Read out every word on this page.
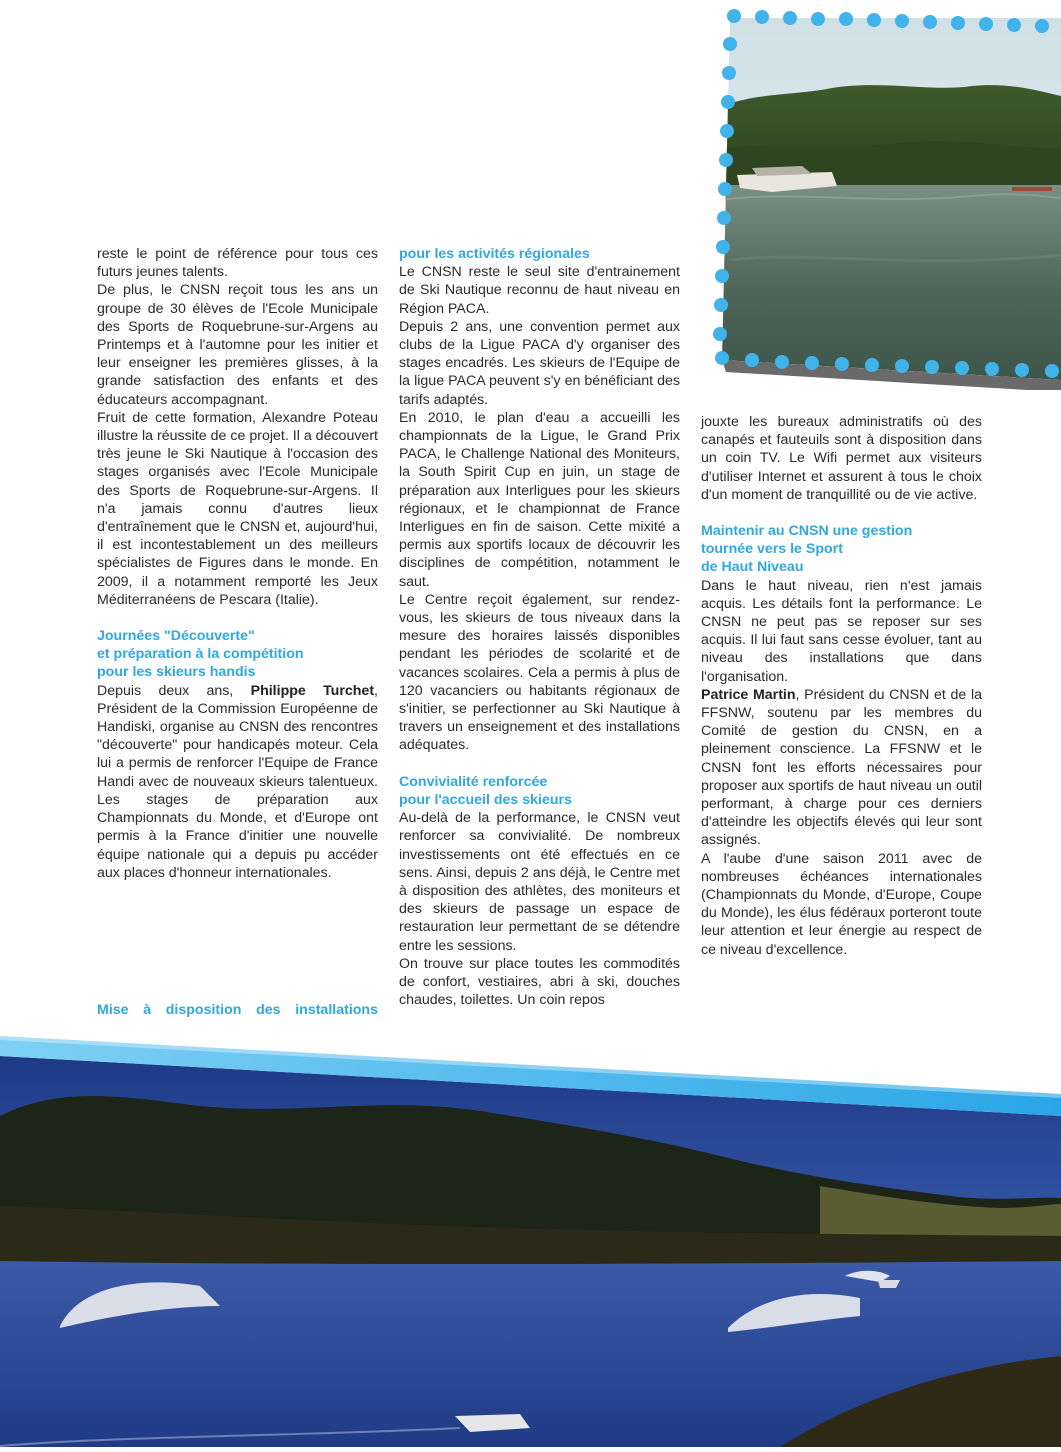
reste le point de référence pour tous ces futurs jeunes talents.

De plus, le CNSN reçoit tous les ans un groupe de 30 élèves de l'Ecole Municipale des Sports de Roquebrune-sur-Argens au Printemps et à l'automne pour les initier et leur enseigner les premières glisses, à la grande satisfaction des enfants et des éducateurs accompagnant.

Fruit de cette formation, Alexandre Poteau illustre la réussite de ce projet. Il a découvert très jeune le Ski Nautique à l'occasion des stages organisés avec l'Ecole Municipale des Sports de Roquebrune-sur-Argens. Il n'a jamais connu d'autres lieux d'entraînement que le CNSN et, aujourd'hui, il est incontestablement un des meilleurs spécialistes de Figures dans le monde. En 2009, il a notamment remporté les Jeux Méditerranéens de Pescara (Italie).

Journées "Découverte"
et préparation à la compétition
pour les skieurs handis

Depuis deux ans, Philippe Turchet, Président de la Commission Européenne de Handiski, organise au CNSN des rencontres "découverte" pour handicapés moteur. Cela lui a permis de renforcer l'Equipe de France Handi avec de nouveaux skieurs talentueux. Les stages de préparation aux Championnats du Monde, et d'Europe ont permis à la France d'initier une nouvelle équipe nationale qui a depuis pu accéder aux places d'honneur internationales.

Mise à disposition des installations
pour les activités régionales

Le CNSN reste le seul site d'entrainement de Ski Nautique reconnu de haut niveau en Région PACA.

Depuis 2 ans, une convention permet aux clubs de la Ligue PACA d'y organiser des stages encadrés. Les skieurs de l'Equipe de la ligue PACA peuvent s'y en bénéficiant des tarifs adaptés.

En 2010, le plan d'eau a accueilli les championnats de la Ligue, le Grand Prix PACA, le Challenge National des Moniteurs, la South Spirit Cup en juin, un stage de préparation aux Interligues pour les skieurs régionaux, et le championnat de France Interligues en fin de saison. Cette mixité a permis aux sportifs locaux de découvrir les disciplines de compétition, notamment le saut.

Le Centre reçoit également, sur rendez-vous, les skieurs de tous niveaux dans la mesure des horaires laissés disponibles pendant les périodes de scolarité et de vacances scolaires. Cela a permis à plus de 120 vacanciers ou habitants régionaux de s'initier, se perfectionner au Ski Nautique à travers un enseignement et des installations adéquates.

Convivialité renforcée
pour l'accueil des skieurs

Au-delà de la performance, le CNSN veut renforcer sa convivialité. De nombreux investissements ont été effectués en ce sens. Ainsi, depuis 2 ans déjà, le Centre met à disposition des athlètes, des moniteurs et des skieurs de passage un espace de restauration leur permettant de se détendre entre les sessions.

On trouve sur place toutes les commodités de confort, vestiaires, abri à ski, douches chaudes, toilettes. Un coin repos

jouxte les bureaux administratifs où des canapés et fauteuils sont à disposition dans un coin TV. Le Wifi permet aux visiteurs d'utiliser Internet et assurent à tous le choix d'un moment de tranquillité ou de vie active.

Maintenir au CNSN une gestion
tournée vers le Sport
de Haut Niveau

Dans le haut niveau, rien n'est jamais acquis. Les détails font la performance. Le CNSN ne peut pas se reposer sur ses acquis. Il lui faut sans cesse évoluer, tant au niveau des installations que dans l'organisation.

Patrice Martin, Président du CNSN et de la FFSNW, soutenu par les membres du Comité de gestion du CNSN, en a pleinement conscience. La FFSNW et le CNSN font les efforts nécessaires pour proposer aux sportifs de haut niveau un outil performant, à charge pour ces derniers d'atteindre les objectifs élevés qui leur sont assignés.

A l'aube d'une saison 2011 avec de nombreuses échéances internationales (Championnats du Monde, d'Europe, Coupe du Monde), les élus fédéraux porteront toute leur attention et leur énergie au respect de ce niveau d'excellence.
